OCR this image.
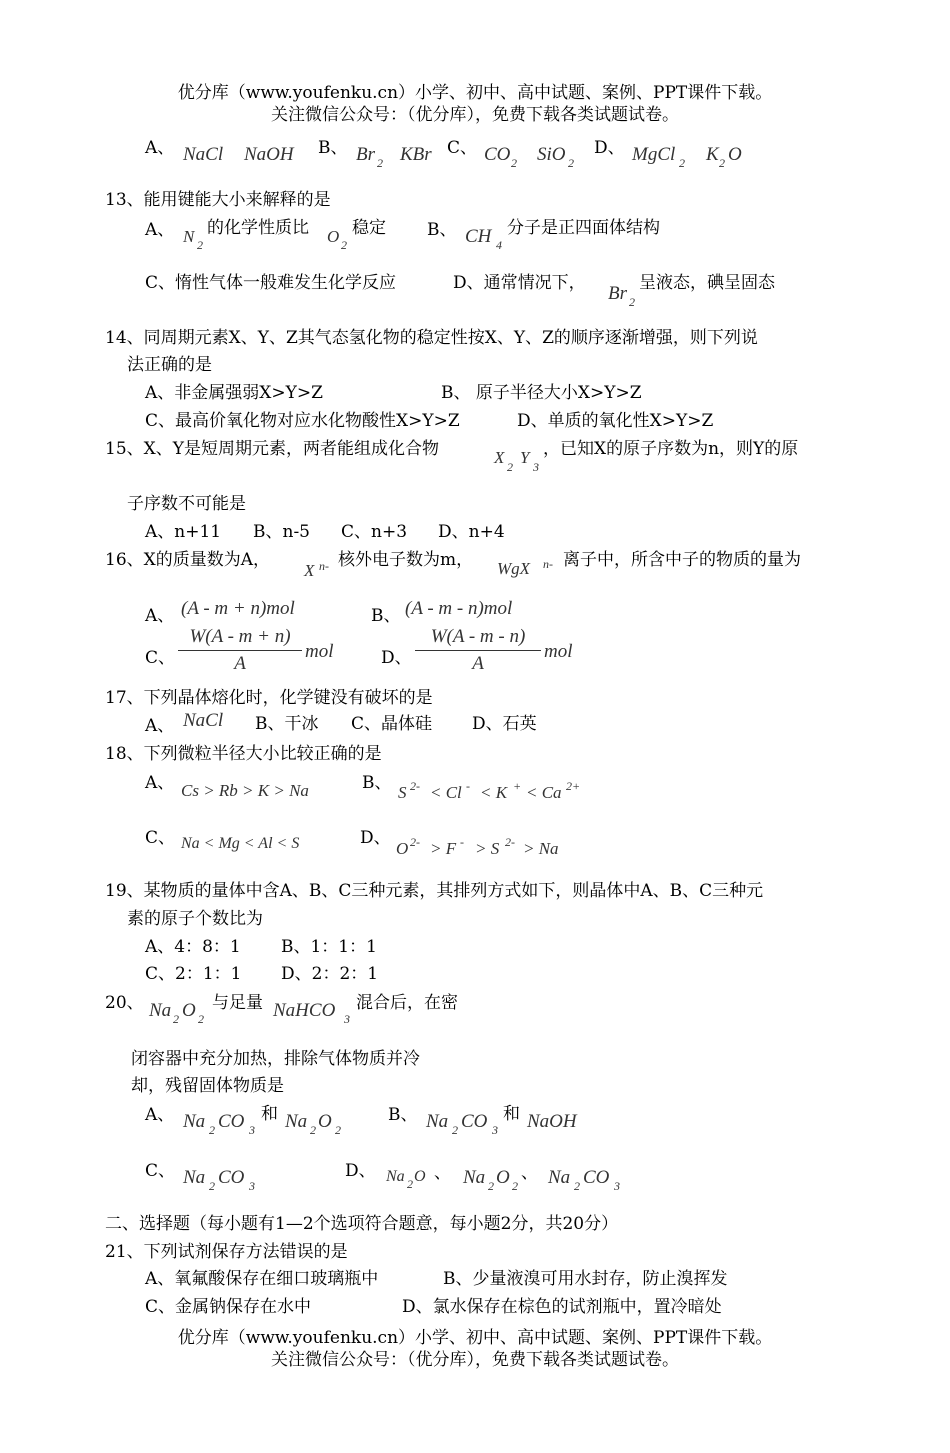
优分库（www.youfenku.cn）小学、初中、高中试题、案例、PPT课件下载。
关注微信公众号：（优分库），免费下载各类试题试卷。
A、 NaCl NaOH B、 Br 2 KBr C、 CO 2 SiO 2
D、 MgCl 2 K 2 O
13、能用键能大小来解释的是
A、 N 2
的化学性质比 O 2
稳定 B、 CH 4
分子是正四面体结构
C、惰性气体一般难发生化学反应	D、通常情况下， Br 2
呈液态，碘呈固态
14、同周期元素X、Y、Z其气态氢化物的稳定性按X、Y、Z的顺序逐渐增强，则下列说
法正确的是
A、非金属强弱X>Y>Z	B、 原子半径大小X>Y>Z
C、最高价氧化物对应水化物酸性X>Y>Z	D、单质的氧化性X>Y>Z
15、X、Y是短周期元素，两者能组成化合物	X 2 Y 3
，已知X的原子序数为n，则Y的原
子序数不可能是
A、n+11 B、n-5 C、n+3 D、n+4
16、X的质量数为A，
X n- 核外电子数为m， WgX n- 离子中，所含中子的物质的量为
A、 (A - m + n)mol	B、 (A - m - n)mol
C、 $\frac{W(A - m + n)}{A}$ mol	D、 $\frac{W(A - m - n)}{A}$ mol
17、下列晶体熔化时，化学键没有破坏的是
A、 NaCl B、干冰 C、晶体硅 D、石英
18、下列微粒半径大小比较正确的是
A、 Cs > Rb > K > Na	B、 S 2- < Cl - < K + < Ca 2+
C、 Na < Mg < Al < S	D、
O 2- > F - > S 2- > Na
19、某物质的量体中含A、B、C三种元素，其排列方式如下，则晶体中A、B、C三种元
素的原子个数比为
A、4：8：1 B、1：1：1
C、2：1：1 D、2：2：1
20、 Na 2 O 2
与足量 NaHCO 3
混合后，在密
闭容器中充分加热，排除气体物质并冷
却，残留固体物质是
A、 Na 2 CO 3
和 Na 2 O 2
B、 Na 2 CO 3
和 NaOH
C、 Na 2 CO 3
D、 Na 2 O 、 Na 2 O 2
、 Na 2 CO 3
二、选择题（每小题有1—2个选项符合题意，每小题2分，共20分）
21、下列试剂保存方法错误的是
A、氧氟酸保存在细口玻璃瓶中	B、少量液溴可用水封存，防止溴挥发
C、金属钠保存在水中	D、氯水保存在棕色的试剂瓶中，置冷暗处
优分库（www.youfenku.cn）小学、初中、高中试题、案例、PPT课件下载。
关注微信公众号：（优分库），免费下载各类试题试卷。
